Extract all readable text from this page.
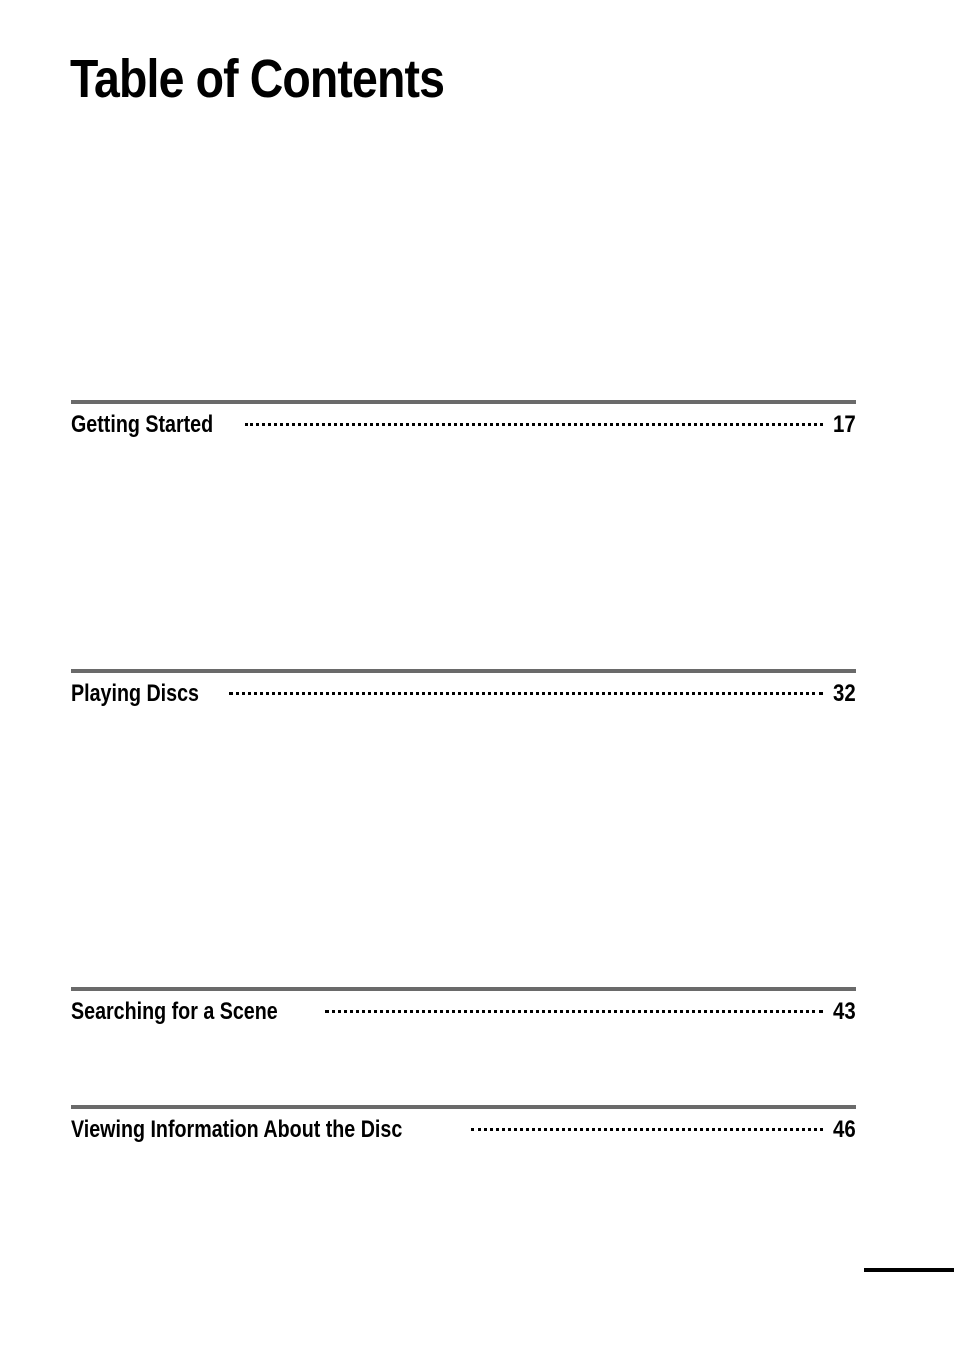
Table of Contents
Getting Started	17
Playing Discs	32
Searching for a Scene	43
Viewing Information About the Disc	46
